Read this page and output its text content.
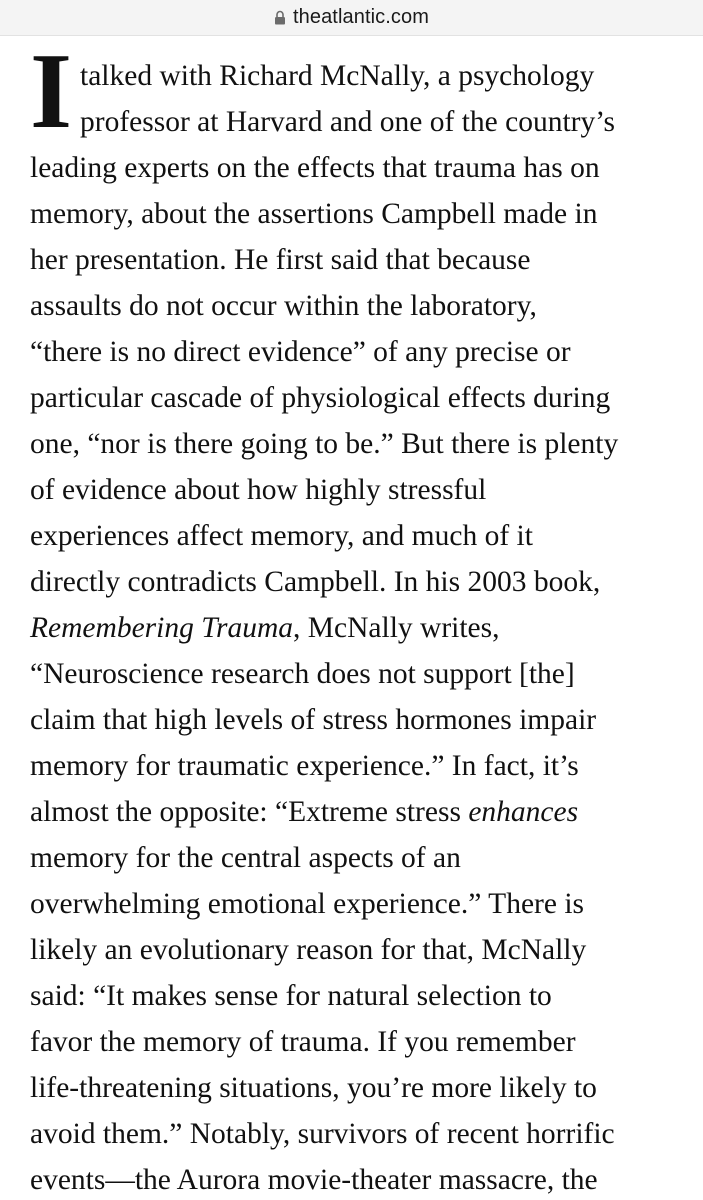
theatlantic.com
I talked with Richard McNally, a psychology

professor at Harvard and one of the country’s

leading experts on the effects that trauma has on

memory, about the assertions Campbell made in

her presentation. He first said that because

assaults do not occur within the laboratory,

“there is no direct evidence” of any precise or

particular cascade of physiological effects during

one, “nor is there going to be.” But there is plenty

of evidence about how highly stressful

experiences affect memory, and much of it

directly contradicts Campbell. In his 2003 book,

Remembering Trauma, McNally writes,

“Neuroscience research does not support [the]

claim that high levels of stress hormones impair

memory for traumatic experience.” In fact, it’s

almost the opposite: “Extreme stress enhances

memory for the central aspects of an

overwhelming emotional experience.” There is

likely an evolutionary reason for that, McNally

said: “It makes sense for natural selection to

favor the memory of trauma. If you remember

life-threatening situations, you’re more likely to

avoid them.” Notably, survivors of recent horrific

events—the Aurora movie-theater massacre, the
